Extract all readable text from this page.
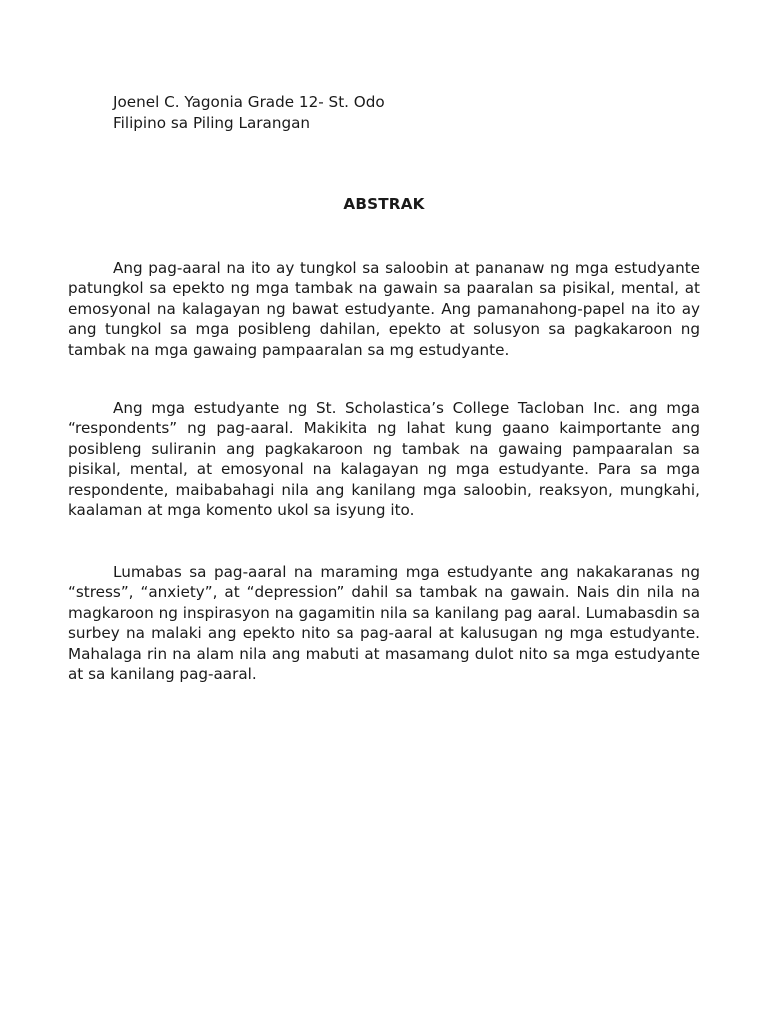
Joenel C. Yagonia Grade 12- St. Odo
Filipino sa Piling Larangan
ABSTRAK

Ang pag-aaral na ito ay tungkol sa saloobin at pananaw ng mga estudyante patungkol sa epekto ng mga tambak na gawain sa paaralan sa pisikal, mental, at emosyonal na kalagayan ng bawat estudyante. Ang pamanahong-papel na ito ay ang tungkol sa mga posibleng dahilan, epekto at solusyon sa pagkakaroon ng tambak na mga gawaing pampaaralan sa mg estudyante.

Ang mga estudyante ng St. Scholastica’s College Tacloban Inc. ang mga “respondents” ng pag-aaral. Makikita ng lahat kung gaano kaimportante ang posibleng suliranin ang pagkakaroon ng tambak na gawaing pampaaralan sa pisikal, mental, at emosyonal na kalagayan ng mga estudyante. Para sa mga respondente, maibabahagi nila ang kanilang mga saloobin, reaksyon, mungkahi, kaalaman at mga komento ukol sa isyung ito.

Lumabas sa pag-aaral na maraming mga estudyante ang nakakaranas ng “stress”, “anxiety”, at “depression” dahil sa tambak na gawain. Nais din nila na magkaroon ng inspirasyon na gagamitin nila sa kanilang pag aaral. Lumabasdin sa surbey na malaki ang epekto nito sa pag-aaral at kalusugan ng mga estudyante. Mahalaga rin na alam nila ang mabuti at masamang dulot nito sa mga estudyante at sa kanilang pag-aaral.
